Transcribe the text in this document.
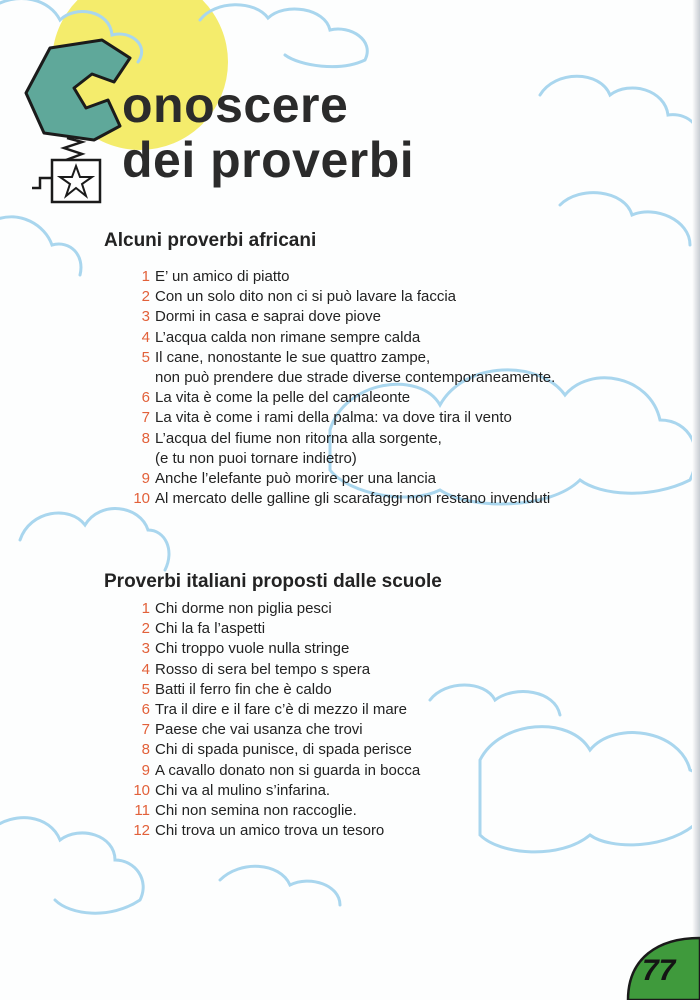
onoscere
dei proverbi
Alcuni proverbi africani
1 E’ un amico di piatto
2 Con un solo dito non ci si può lavare la faccia
3 Dormi in casa e saprai dove piove
4 L’acqua calda non rimane sempre calda
5 Il cane, nonostante le sue quattro zampe,
non può prendere due strade diverse contemporaneamente.
6 La vita è come la pelle del camaleonte
7 La vita è come i rami della palma: va dove tira il vento
8 L’acqua del fiume non ritorna alla sorgente,
(e tu non puoi tornare indietro)
9 Anche l’elefante può morire per una lancia
10 Al mercato delle galline gli scarafaggi non restano invenduti
Proverbi italiani proposti dalle scuole
1 Chi dorme non piglia pesci
2 Chi la fa l’aspetti
3 Chi troppo vuole nulla stringe
4 Rosso di sera bel tempo s spera
5 Batti il ferro fin che è caldo
6 Tra il dire e il fare c’è di mezzo il mare
7 Paese che vai usanza che trovi
8 Chi di spada punisce, di spada perisce
9 A cavallo donato non si guarda in bocca
10 Chi va al mulino s’infarina.
11 Chi non semina non raccoglie.
12 Chi trova un amico trova un tesoro
77
